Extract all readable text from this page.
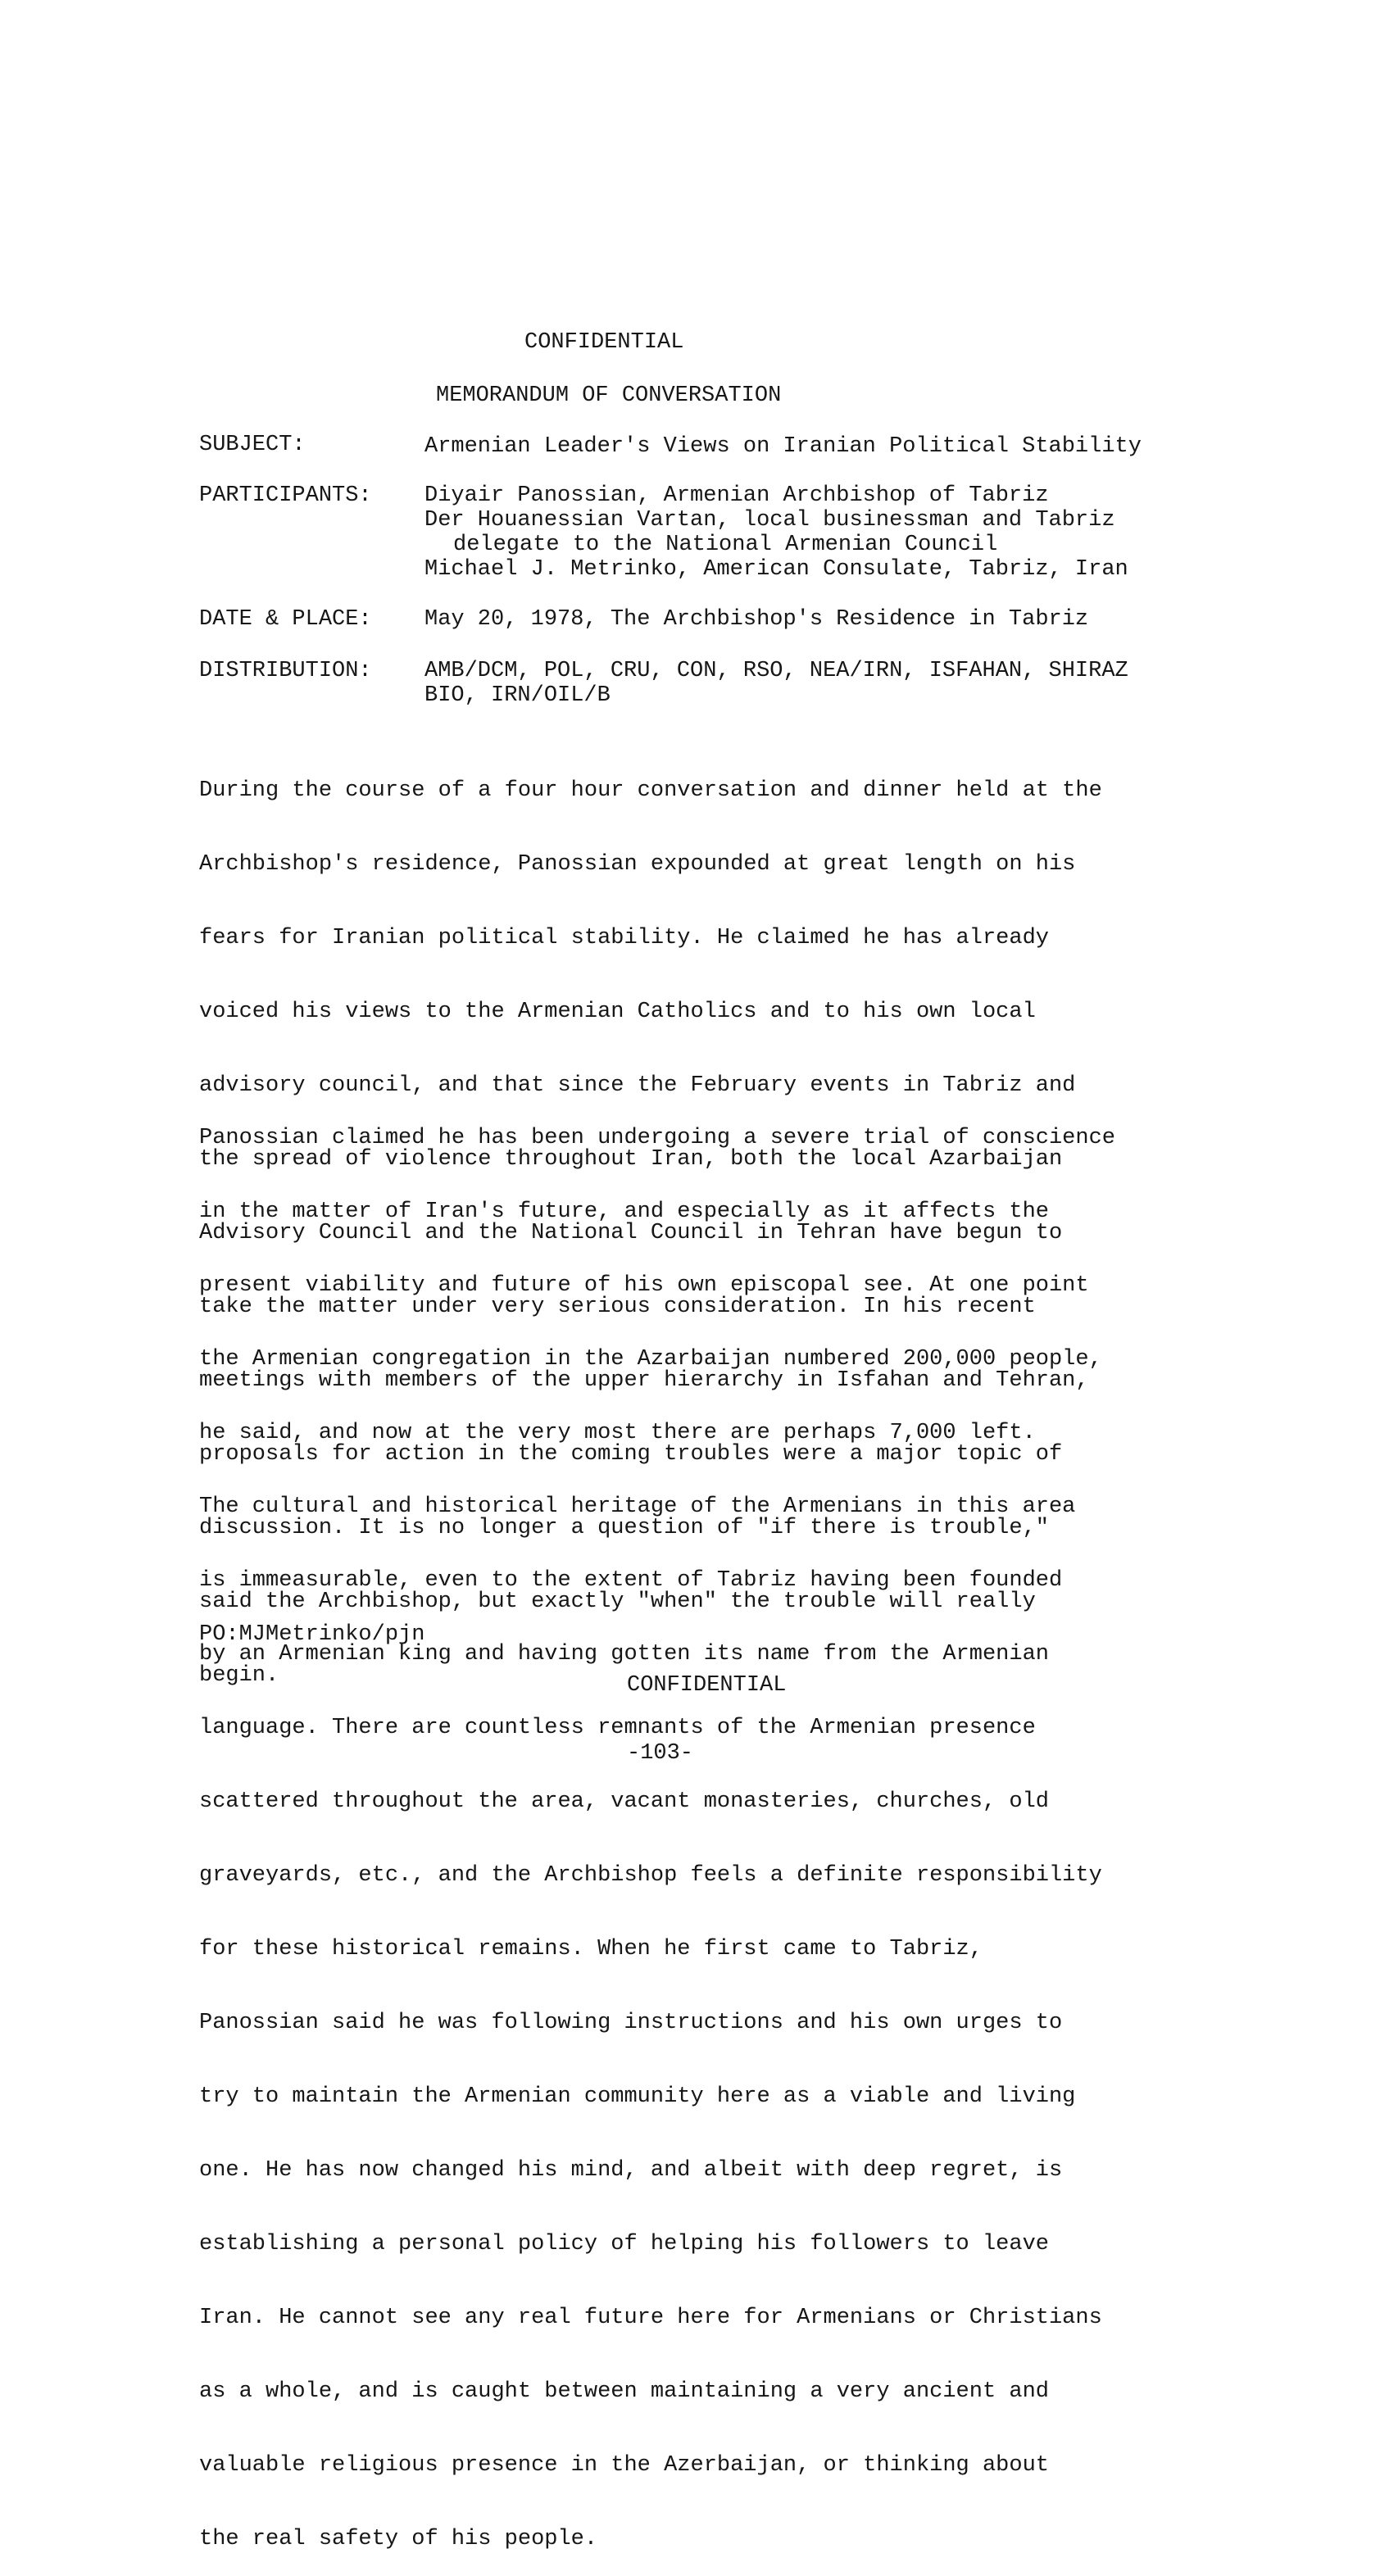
CONFIDENTIAL
MEMORANDUM OF CONVERSATION
SUBJECT:	Armenian Leader's Views on Iranian Political Stability
PARTICIPANTS: Diyair Panossian, Armenian Archbishop of Tabriz
Der Houanessian Vartan, local businessman and Tabriz
delegate to the National Armenian Council
Michael J. Metrinko, American Consulate, Tabriz, Iran
DATE & PLACE: May 20, 1978, The Archbishop's Residence in Tabriz
DISTRIBUTION: AMB/DCM, POL, CRU, CON, RSO, NEA/IRN, ISFAHAN, SHIRAZ
BIO, IRN/OIL/B

During the course of a four hour conversation and dinner held at the

Archbishop's residence, Panossian expounded at great length on his

fears for Iranian political stability. He claimed he has already

voiced his views to the Armenian Catholics and to his own local

advisory council, and that since the February events in Tabriz and

the spread of violence throughout Iran, both the local Azarbaijan

Advisory Council and the National Council in Tehran have begun to

take the matter under very serious consideration. In his recent

meetings with members of the upper hierarchy in Isfahan and Tehran,

proposals for action in the coming troubles were a major topic of

discussion. It is no longer a question of "if there is trouble,"

said the Archbishop, but exactly "when" the trouble will really

begin.

Panossian claimed he has been undergoing a severe trial of conscience

in the matter of Iran's future, and especially as it affects the

present viability and future of his own episcopal see. At one point

the Armenian congregation in the Azarbaijan numbered 200,000 people,

he said, and now at the very most there are perhaps 7,000 left.

The cultural and historical heritage of the Armenians in this area

is immeasurable, even to the extent of Tabriz having been founded

by an Armenian king and having gotten its name from the Armenian

language. There are countless remnants of the Armenian presence

scattered throughout the area, vacant monasteries, churches, old

graveyards, etc., and the Archbishop feels a definite responsibility

for these historical remains. When he first came to Tabriz,

Panossian said he was following instructions and his own urges to

try to maintain the Armenian community here as a viable and living

one. He has now changed his mind, and albeit with deep regret, is

establishing a personal policy of helping his followers to leave

Iran. He cannot see any real future here for Armenians or Christians

as a whole, and is caught between maintaining a very ancient and

valuable religious presence in the Azerbaijan, or thinking about

the real safety of his people.

PO:MJMetrinko/pjn
CONFIDENTIAL
-103-
